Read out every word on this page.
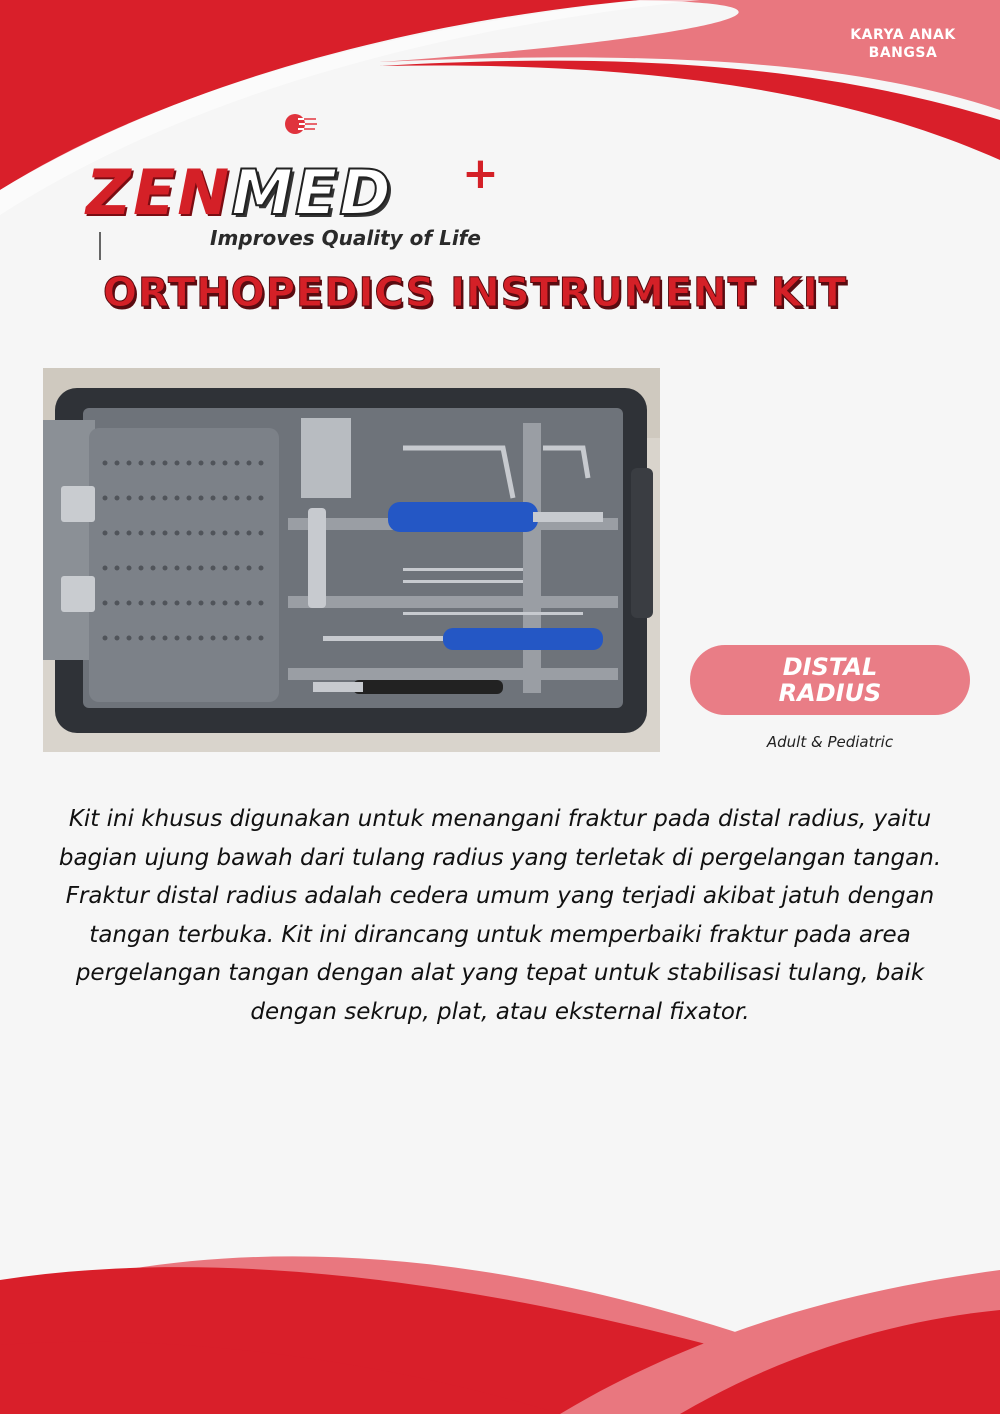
KARYA ANAK BANGSA
ZENMED +
Improves Quality of Life
ORTHOPEDICS INSTRUMENT KIT
DISTAL RADIUS
Adult & Pediatric
Kit ini khusus digunakan untuk menangani fraktur pada distal radius, yaitu bagian ujung bawah dari tulang radius yang terletak di pergelangan tangan. Fraktur distal radius adalah cedera umum yang terjadi akibat jatuh dengan tangan terbuka. Kit ini dirancang untuk memperbaiki fraktur pada area pergelangan tangan dengan alat yang tepat untuk stabilisasi tulang, baik dengan sekrup, plat, atau eksternal fixator.
